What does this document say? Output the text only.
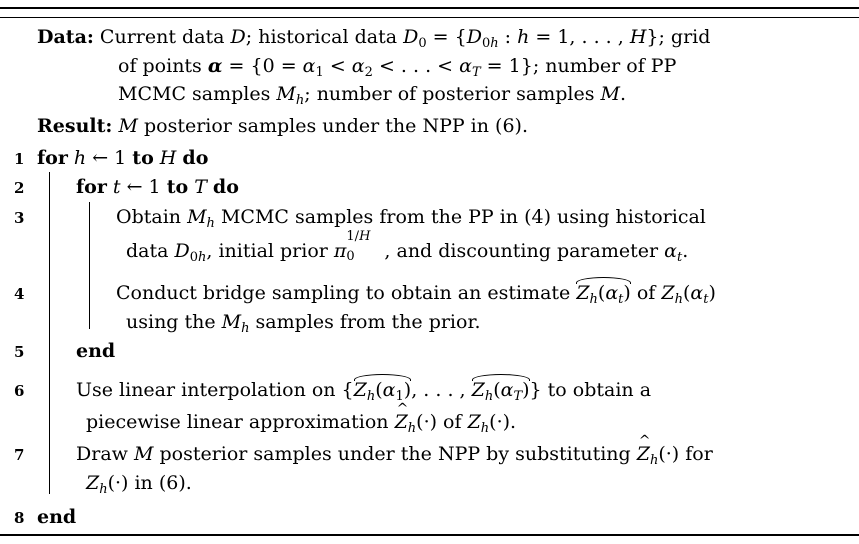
Data: Current data D; historical data $D_0 = \{D_{0h}$ : h = 1, . . . , H}; grid
of points $\alpha = \{0 = \alpha_1 < \alpha_2$ < . . . < $\alpha_T = 1$}; number of PP
MCMC samples $M_h$; number of posterior samples M.
Result: M posterior samples under the NPP in (6).
1
2
3
4
5
6
7
8
for h ← 1 to H do
for t ← 1 to T do
Obtain $M_h$ MCMC samples from the PP in (4) using historical
data $D_{0h}$, initial prior π
1/H
0 , and discounting parameter $\alpha_t$.
Conduct bridge sampling to obtain an estimate $Z_h(\alpha_t)$ of $Z_h(\alpha_t)$
using the $M_h$ samples from the prior.
end
Use linear interpolation on {$Z_h(\alpha_1)$, . . . , $Z_h(\alpha_T)$} to obtain a
piecewise linear approximation Z $\^{}_h(\cdot)$ of $Z_h(\cdot)$.
Draw M posterior samples under the NPP by substituting Z $\^{}_h(\cdot)$ for
$Z_h(\cdot)$ in (6).
end
